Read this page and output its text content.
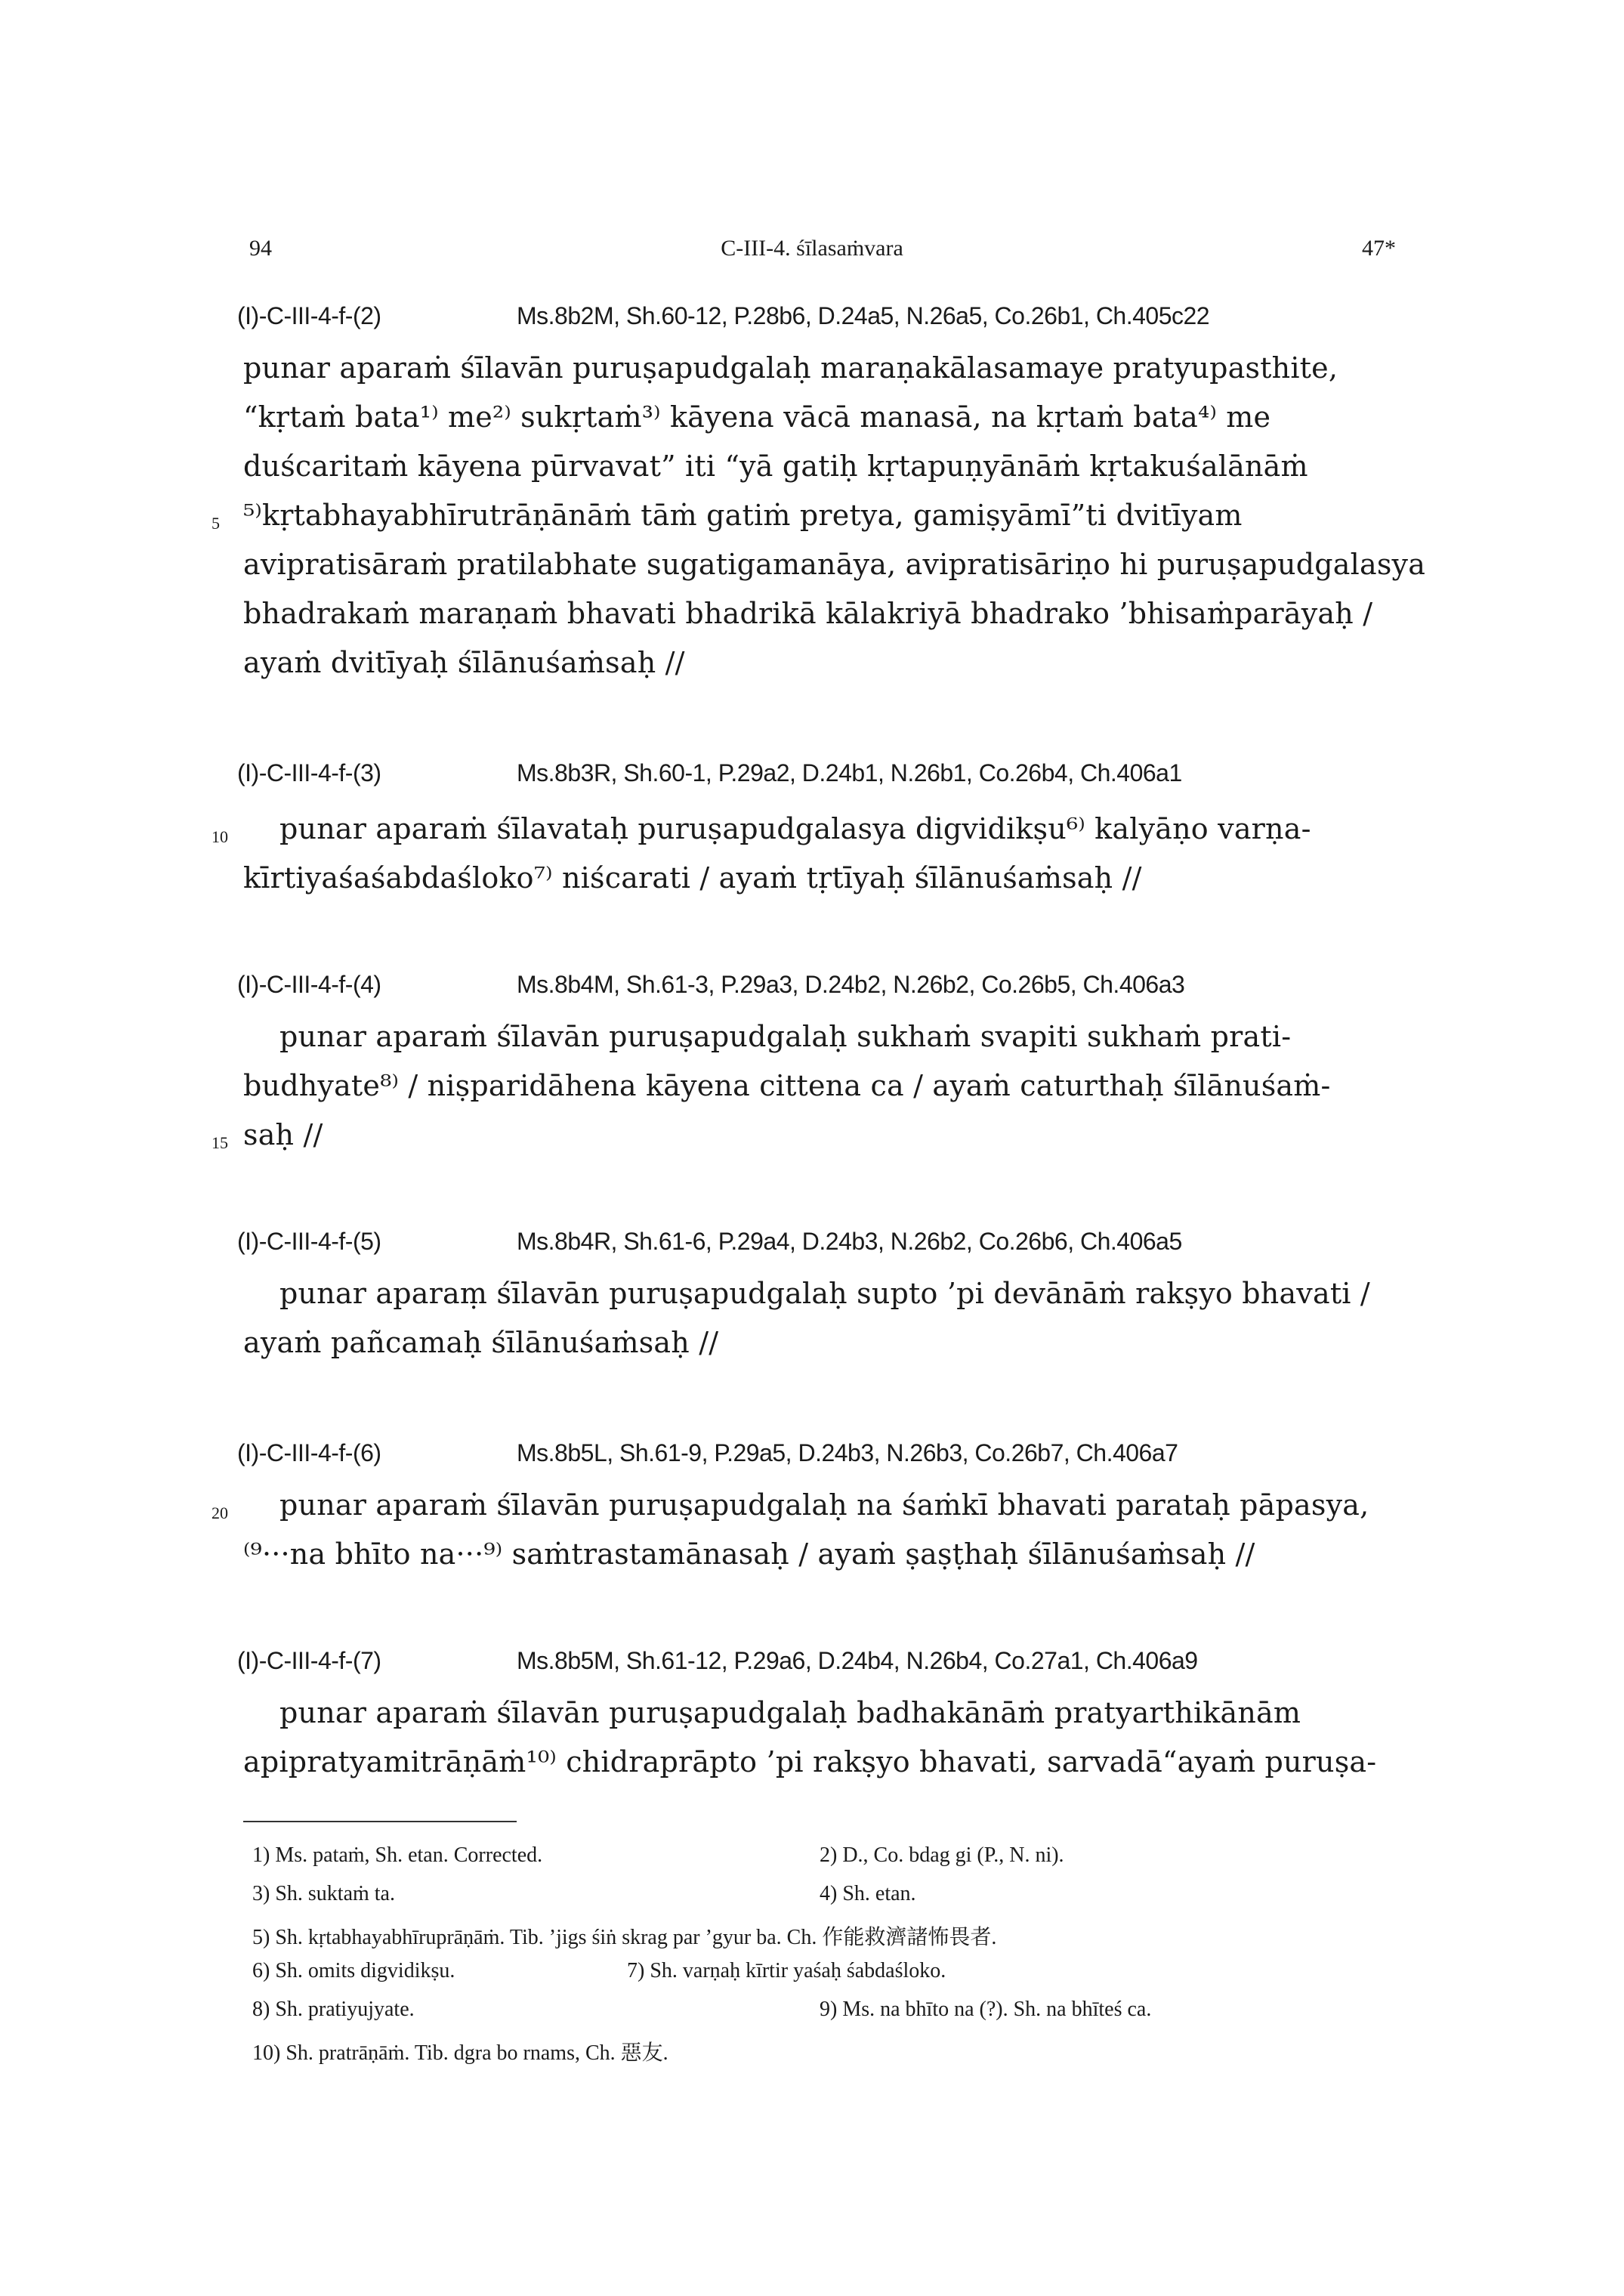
94	C-III-4. śīlasaṁvara	47*
(I)-C-III-4-f-(2)	Ms.8b2M, Sh.60-12, P.28b6, D.24a5, N.26a5, Co.26b1, Ch.405c22
punar aparaṁ śīlavān puruṣapudgalaḥ maraṇakālasamaye pratyupasthite,
“kṛtaṁ bata¹⁾ me²⁾ sukṛtaṁ³⁾ kāyena vācā manasā, na kṛtaṁ bata⁴⁾ me
duścaritaṁ kāyena pūrvavat” iti “yā gatiḥ kṛtapuṇyānāṁ kṛtakuśalānāṁ
5 ⁵⁾kṛtabhayabhīrutrāṇānāṁ tāṁ gatiṁ pretya, gamiṣyāmī”ti dvitīyam
avipratisāraṁ pratilabhate sugatigamanāya, avipratisāriṇo hi puruṣapudgalasya
bhadrakaṁ maraṇaṁ bhavati bhadrikā kālakriyā bhadrako ’bhisaṁparāyaḥ /
ayaṁ dvitīyaḥ śīlānuśaṁsaḥ //
(I)-C-III-4-f-(3)	Ms.8b3R, Sh.60-1, P.29a2, D.24b1, N.26b1, Co.26b4, Ch.406a1
10 punar aparaṁ śīlavataḥ puruṣapudgalasya digvidikṣu⁶⁾ kalyāṇo varṇa-
kīrtiyaśaśabdaśloko⁷⁾ niścarati / ayaṁ tṛtīyaḥ śīlānuśaṁsaḥ //
(I)-C-III-4-f-(4)	Ms.8b4M, Sh.61-3, P.29a3, D.24b2, N.26b2, Co.26b5, Ch.406a3
punar aparaṁ śīlavān puruṣapudgalaḥ sukhaṁ svapiti sukhaṁ prati-
budhyate⁸⁾ / niṣparidāhena kāyena cittena ca / ayaṁ caturthaḥ śīlānuśaṁ-
15 saḥ //
(I)-C-III-4-f-(5)	Ms.8b4R, Sh.61-6, P.29a4, D.24b3, N.26b2, Co.26b6, Ch.406a5
punar aparaṃ śīlavān puruṣapudgalaḥ supto ’pi devānāṁ rakṣyo bhavati /
ayaṁ pañcamaḥ śīlānuśaṁsaḥ //
(I)-C-III-4-f-(6)	Ms.8b5L, Sh.61-9, P.29a5, D.24b3, N.26b3, Co.26b7, Ch.406a7
20 punar aparaṁ śīlavān puruṣapudgalaḥ na śaṁkī bhavati parataḥ pāpasya,
⁽⁹···na bhīto na···⁹⁾ saṁtrastamānasaḥ / ayaṁ ṣaṣṭhaḥ śīlānuśaṁsaḥ //
(I)-C-III-4-f-(7)	Ms.8b5M, Sh.61-12, P.29a6, D.24b4, N.26b4, Co.27a1, Ch.406a9
punar aparaṁ śīlavān puruṣapudgalaḥ badhakānāṁ pratyarthikānām
apipratyamitrāṇāṁ¹⁰⁾ chidraprāpto ’pi rakṣyo bhavati, sarvadā“ayaṁ puruṣa-
1) Ms. pataṁ, Sh. etan. Corrected.	2) D., Co. bdag gi (P., N. ni).
3) Sh. suktaṁ ta.	4) Sh. etan.
5) Sh. kṛtabhayabhīruprāṇāṁ. Tib. ’jigs śiṅ skrag par ’gyur ba. Ch. 作能救濟諸怖畏者.
6) Sh. omits digvidikṣu.	7) Sh. varṇaḥ kīrtir yaśaḥ śabdaśloko.
8) Sh. pratiyujyate.	9) Ms. na bhīto na (?). Sh. na bhīteś ca.
10) Sh. pratrāṇāṁ. Tib. dgra bo rnams, Ch. 惡友.
